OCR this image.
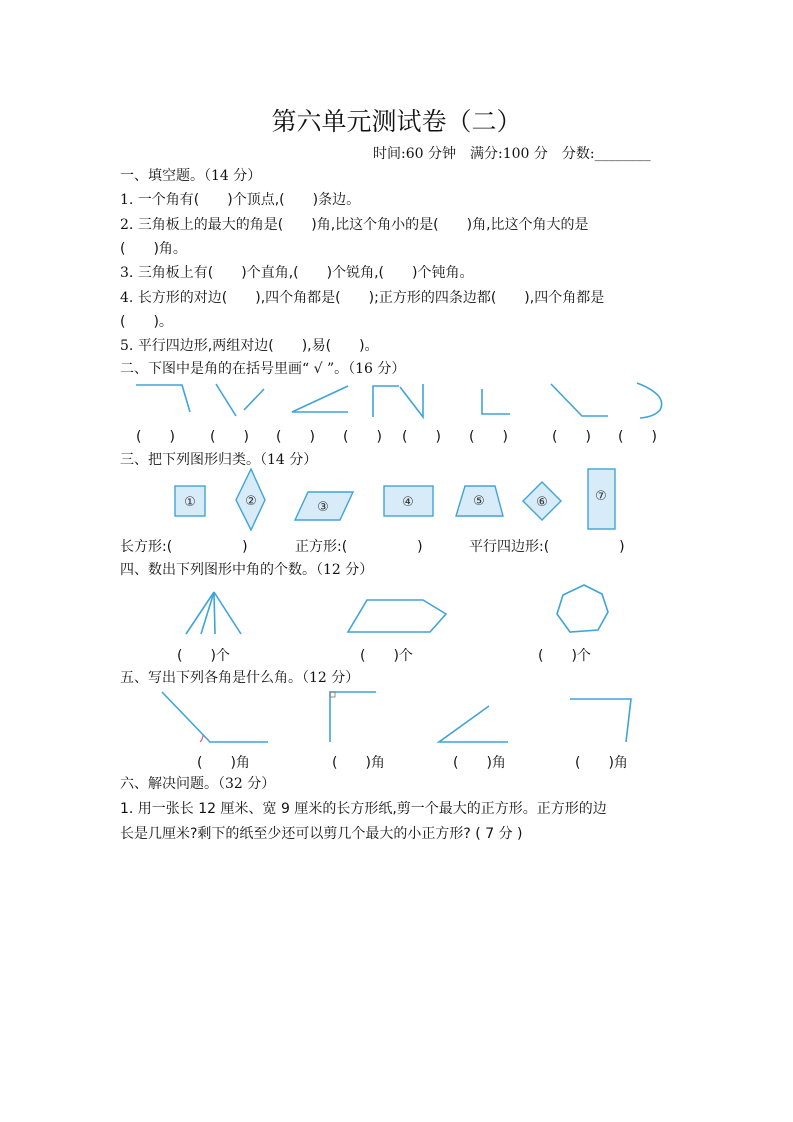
第六单元测试卷（二）
时间:60 分钟　满分:100 分　分数:________
一、填空题。（14 分）
1. 一个角有(　　)个顶点,(　　)条边。
2. 三角板上的最大的角是(　　)角,比这个角小的是(　　)角,比这个角大的是
(　　)角。
3. 三角板上有(　　)个直角,(　　)个锐角,(　　)个钝角。
4. 长方形的对边(　　),四个角都是(　　);正方形的四条边都(　　),四个角都是
(　　)。
5. 平行四边形,两组对边(　　),易(　　)。
二、下图中是角的在括号里画“ √ ”。（16 分）
(　　)	(　　) (　　) (　　) (　　) (　　)	(　　) (　　)
三、把下列图形归类。（14 分）
①	②	③	④	⑤	⑥	⑦
长方形:(　　　　　)	正方形:(　　　　　)	平行四边形:(　　　　　)
四、数出下列图形中角的个数。（12 分）
(　　)个	(　　)个	(　　)个
五、写出下列各角是什么角。（12 分）
(　　)角	(　　)角	(　　)角	(　　)角
六、解决问题。（32 分）
1. 用一张长 12 厘米、宽 9 厘米的长方形纸,剪一个最大的正方形。正方形的边
长是几厘米?剩下的纸至少还可以剪几个最大的小正方形? ( 7 分 )
